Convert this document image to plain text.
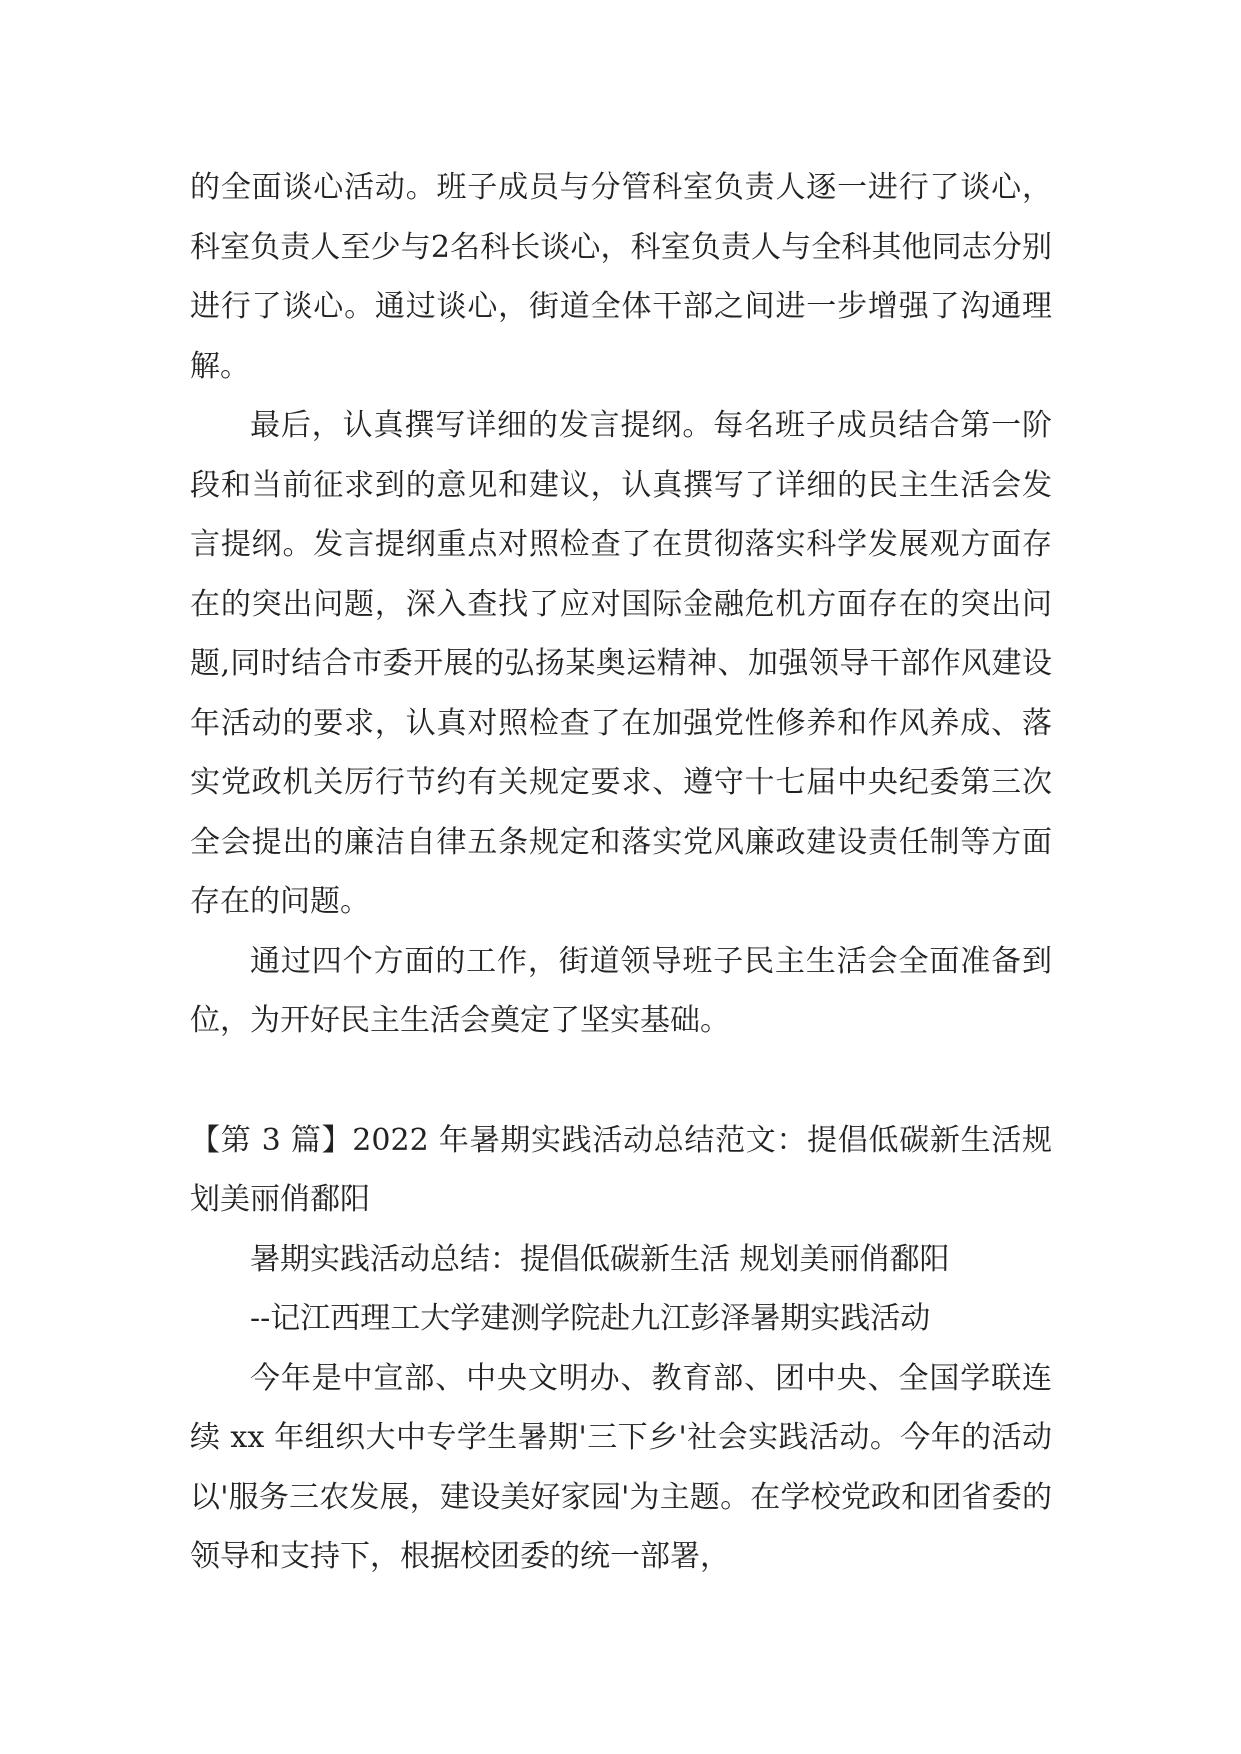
的全面谈心活动。班子成员与分管科室负责人逐一进行了谈心，科室负责人至少与2名科长谈心，科室负责人与全科其他同志分别进行了谈心。通过谈心，街道全体干部之间进一步增强了沟通理解。

最后，认真撰写详细的发言提纲。每名班子成员结合第一阶段和当前征求到的意见和建议，认真撰写了详细的民主生活会发言提纲。发言提纲重点对照检查了在贯彻落实科学发展观方面存在的突出问题，深入查找了应对国际金融危机方面存在的突出问题,同时结合市委开展的弘扬某奥运精神、加强领导干部作风建设年活动的要求，认真对照检查了在加强党性修养和作风养成、落实党政机关厉行节约有关规定要求、遵守十七届中央纪委第三次全会提出的廉洁自律五条规定和落实党风廉政建设责任制等方面存在的问题。

通过四个方面的工作，街道领导班子民主生活会全面准备到位，为开好民主生活会奠定了坚实基础。

【第 3 篇】2022 年暑期实践活动总结范文：提倡低碳新生活规划美丽俏鄱阳

暑期实践活动总结：提倡低碳新生活 规划美丽俏鄱阳

--记江西理工大学建测学院赴九江彭泽暑期实践活动

今年是中宣部、中央文明办、教育部、团中央、全国学联连续 xx 年组织大中专学生暑期'三下乡'社会实践活动。今年的活动以'服务三农发展，建设美好家园'为主题。在学校党政和团省委的领导和支持下，根据校团委的统一部署，
